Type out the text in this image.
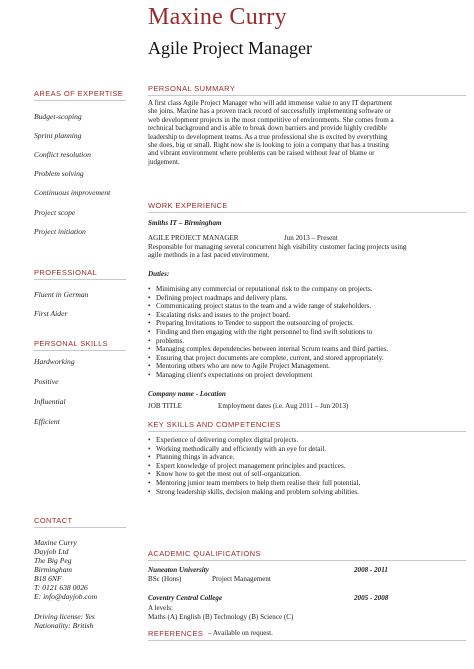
Maxine Curry
Agile Project Manager
AREAS OF EXPERTISE
Budget-scoping
Sprint planning
Conflict resolution
Problem solving
Continuous improvement
Project scope
Project initiation
PROFESSIONAL
Fluent in German
First Aider
PERSONAL SKILLS
Hardworking
Positive
Influential
Efficient
CONTACT
Maxine Curry
Dayjob Ltd
The Big Peg
Birmingham
B18 6NF
T: 0121 638 0026
E: info@dayjob.com
Driving license: Yes
Nationality: British
PERSONAL SUMMARY
A first class Agile Project Manager who will add immense value to any IT department
she joins. Maxine has a proven track record of successfully implementing software or
web development projects in the most competitive of environments. She comes from a
technical background and is able to break down barriers and provide highly credible
leadership to development teams. As a true professional she is excited by everything
she does, big or small. Right now she is looking to join a company that has a trusting
and vibrant environment where problems can be raised without fear of blame or
judgement.
WORK EXPERIENCE
Smiths IT – Birmingham
AGILE PROJECT MANAGER	Jun 2013 – Present
Responsible for managing several concurrent high visibility customer facing projects using
agile methods in a fast paced environment.
Duties:
• Minimising any commercial or reputational risk to the company on projects.
• Defining project roadmaps and delivery plans.
• Communicating project status to the team and a wide range of stakeholders.
• Escalating risks and issues to the project board.
• Preparing Invitations to Tender to support the outsourcing of projects.
• Finding and then engaging with the right personnel to find swift solutions to
• problems.
• Managing complex dependencies between internal Scrum teams and third parties.
• Ensuring that project documents are complete, current, and stored appropriately.
• Mentoring others who are new to Agile Project Management.
• Managing client's expectations on project development
Company name - Location
JOB TITLE	Employment dates (i.e. Aug 2011 – Jun 2013)
KEY SKILLS AND COMPETENCIES
• Experience of delivering complex digital projects.
• Working methodically and efficiently with an eye for detail.
• Planning things in advance.
• Expert knowledge of project management principles and practices.
• Know how to get the most out of self-organization.
• Mentoring junior team members to help them realise their full potential.
• Strong leadership skills, decision making and problem solving abilities.
ACADEMIC QUALIFICATIONS
Nuneaton University	2008 - 2011
BSc (Hons)	Project Management
Coventry Central College	2005 - 2008
A levels:
Maths (A) English (B) Technology (B) Science (C)
REFERENCES – Available on request.
